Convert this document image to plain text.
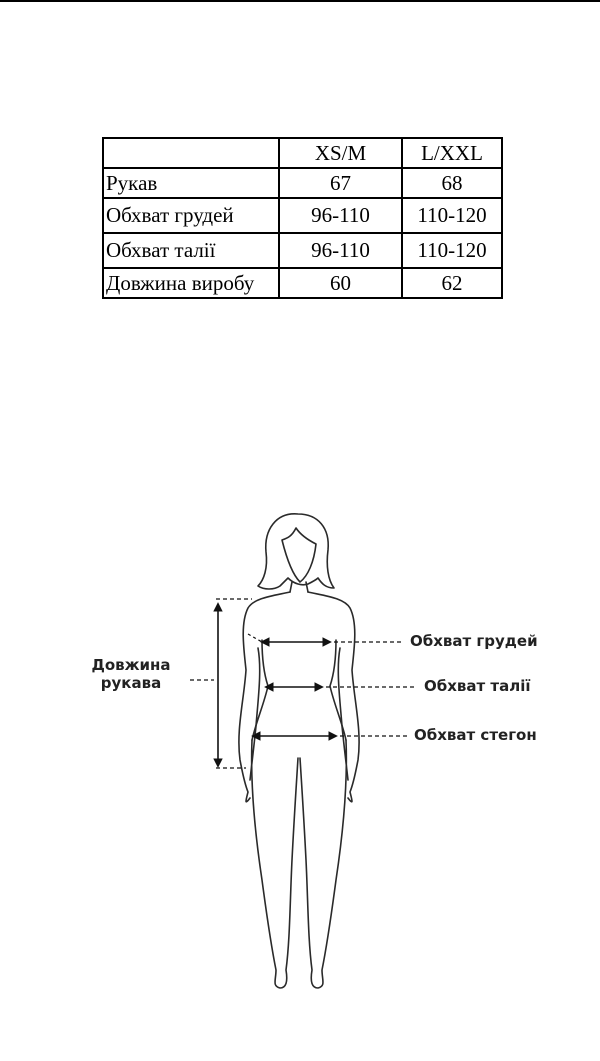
	XS/M	L/XXL
Рукав	67	68
Обхват грудей	96-110	110-120
Обхват талії	96-110	110-120
Довжина виробу	60	62
Довжина
рукава
Обхват грудей
Обхват талії
Обхват стегон
